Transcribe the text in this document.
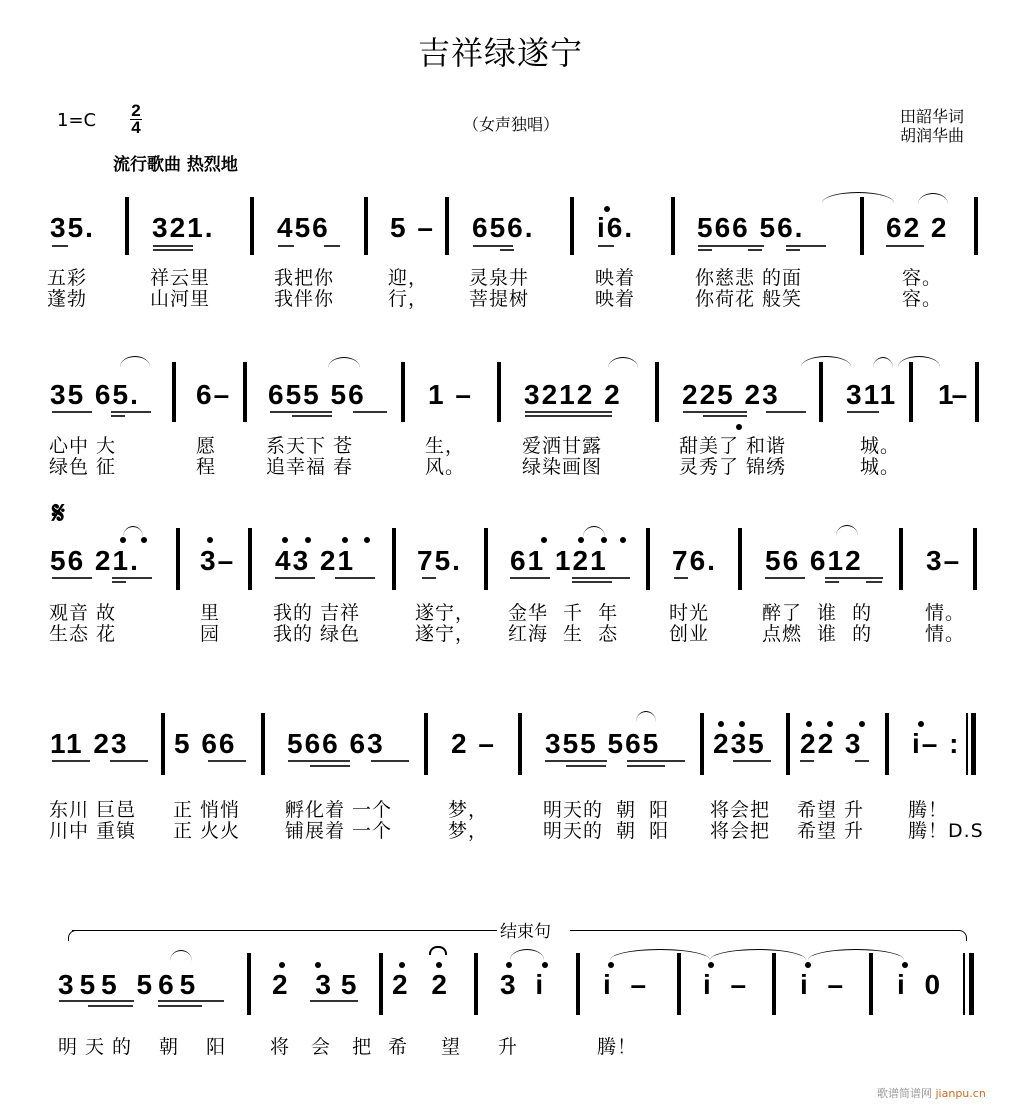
吉祥绿遂宁
1=C 2
4	（女声独唱）
流行歌曲 热烈地
田韶华词
胡润华曲
35. 321. 456 5 – 656. i6. 566 56.	62 2
五彩
蓬勃
祥云里
山河里
我把你
我伴你
迎，
行，
灵泉井
菩提树
映着
映着
你慈悲 的面
你荷花 般笑
容。
容。
35 65. 6– 655 56 1 – 3212 2 225 23 311 1–
心中 大
绿色 征
愿
程
系天下 苍
追幸福 春
生，
风。
爱洒甘露
绿染画图
甜美了 和谐
灵秀了 锦绣
城。
城。
𝄋
56 21. 3– 43 21 75. 61 121 76. 56 612 3–
观音 故
生态 花
里
园
我的 吉祥
我的 绿色
遂宁，
遂宁，
金华 千 年
红海 生 态
时光
创业
醉了 谁 的
点燃 谁 的
情。
情。
11 23 5 66 566 63 2 – 355 565 235 22 3 i– :
东川 巨邑
川中 重镇
正 悄悄
正 火火
孵化着 一个
铺展着 一个
梦，
梦，
明天的 朝 阳
明天的 朝 阳
将会把
将会把
希望 升
希望 升
腾！
腾！D.S
结束句
355 565	2 35 2 2 3 i i – i – i – i 0
明天的 朝 阳 将 会 把 希 望 升	腾！
歌谱简谱网 jianpu.cn
